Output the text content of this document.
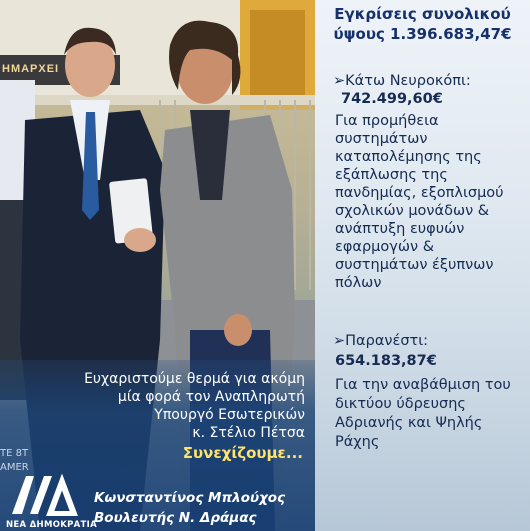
ΗΜΑΡΧΕΙ
Ευχαριστούμε θερμά για ακόμη
μία φορά τον Αναπληρωτή
Υπουργό Εσωτερικών
κ. Στέλιο Πέτσα
Συνεχίζουμε...
ΤΕ 8Τ
AMER
ΝΕΑ ΔΗΜΟΚΡΑΤΙΑ
Κωνσταντίνος Μπλούχος
Βουλευτής Ν. Δράμας
Εγκρίσεις συνολικού
ύψους 1.396.683,47€
➢Κάτω Νευροκόπι:
742.499,60€
Για προμήθεια
συστημάτων
καταπολέμησης της
εξάπλωσης της
πανδημίας, εξοπλισμού
σχολικών μονάδων &
ανάπτυξη ευφυών
εφαρμογών &
συστημάτων έξυπνων
πόλων
➢Παρανέστι:
654.183,87€
Για την αναβάθμιση του
δικτύου ύδρευσης
Αδριανής και Ψηλής
Ράχης
